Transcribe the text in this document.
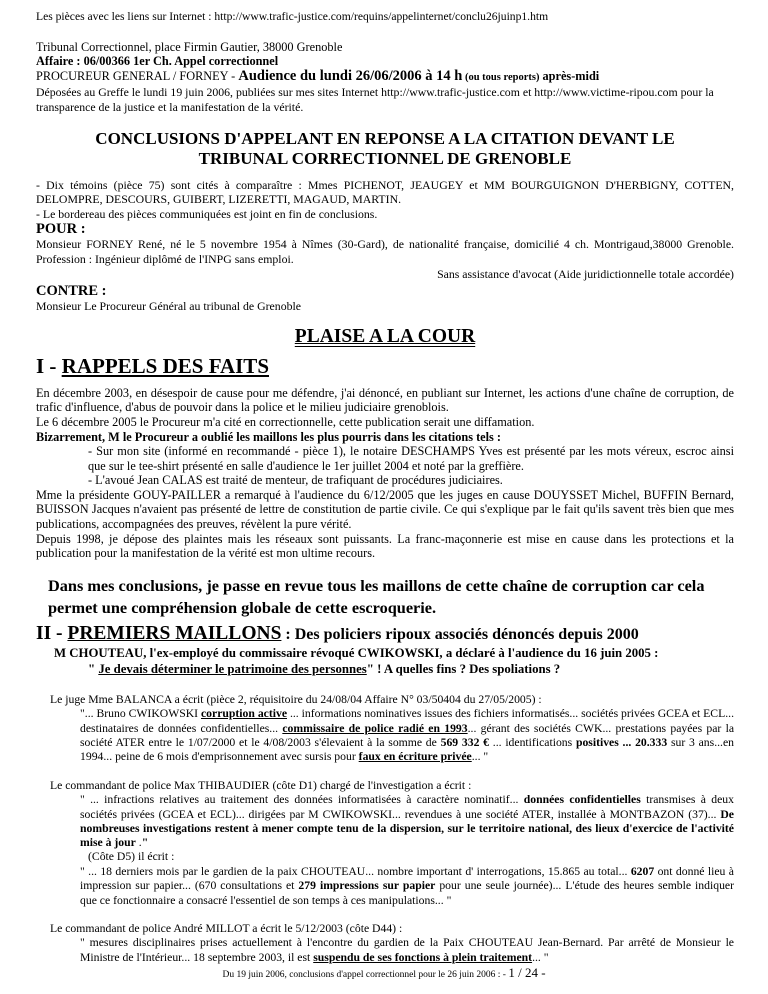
Les pièces avec les liens sur Internet : http://www.trafic-justice.com/requins/appelinternet/conclu26juinp1.htm
Tribunal Correctionnel, place Firmin Gautier, 38000 Grenoble
Affaire : 06/00366 1er Ch. Appel correctionnel
PROCUREUR GENERAL / FORNEY - Audience du lundi 26/06/2006 à 14 h (ou tous reports) après-midi
Déposées au Greffe le lundi 19 juin 2006, publiées sur mes sites Internet http://www.trafic-justice.com et http://www.victime-ripou.com pour la transparence de la justice et la manifestation de la vérité.
CONCLUSIONS D'APPELANT EN REPONSE A LA CITATION DEVANT LE
TRIBUNAL CORRECTIONNEL DE GRENOBLE
- Dix témoins (pièce 75) sont cités à comparaître : Mmes PICHENOT, JEAUGEY et MM BOURGUIGNON D'HERBIGNY, COTTEN, DELOMPRE, DESCOURS, GUIBERT, LIZERETTI, MAGAUD, MARTIN.
- Le bordereau des pièces communiquées est joint en fin de conclusions.
POUR :
Monsieur FORNEY René, né le 5 novembre 1954 à Nîmes (30-Gard), de nationalité française, domicilié 4 ch. Montrigaud,38000 Grenoble. Profession : Ingénieur diplômé de l'INPG sans emploi.
Sans assistance d'avocat (Aide juridictionnelle totale accordée)
CONTRE :
Monsieur Le Procureur Général au tribunal de Grenoble
PLAISE A LA COUR
I - RAPPELS DES FAITS
En décembre 2003, en désespoir de cause pour me défendre, j'ai dénoncé, en publiant sur Internet, les actions d'une chaîne de corruption, de trafic d'influence, d'abus de pouvoir dans la police et le milieu judiciaire grenoblois.
Le 6 décembre 2005 le Procureur m'a cité en correctionnelle, cette publication serait une diffamation.
Bizarrement, M le Procureur a oublié les maillons les plus pourris dans les citations tels :
- Sur mon site (informé en recommandé - pièce 1), le notaire DESCHAMPS Yves est présenté par les mots véreux, escroc ainsi que sur le tee-shirt présenté en salle d'audience le 1er juillet 2004 et noté par la greffière.
- L'avoué Jean CALAS est traité de menteur, de trafiquant de procédures judiciaires.
Mme la présidente GOUY-PAILLER a remarqué à l'audience du 6/12/2005 que les juges en cause DOUYSSET Michel, BUFFIN Bernard, BUISSON Jacques n'avaient pas présenté de lettre de constitution de partie civile. Ce qui s'explique par le fait qu'ils savent très bien que mes publications, accompagnées des preuves, révèlent la pure vérité.
Depuis 1998, je dépose des plaintes mais les réseaux sont puissants. La franc-maçonnerie est mise en cause dans les protections et la publication pour la manifestation de la vérité est mon ultime recours.
Dans mes conclusions, je passe en revue tous les maillons de cette chaîne de corruption car cela permet une compréhension globale de cette escroquerie.
II - PREMIERS MAILLONS : Des policiers ripoux associés dénoncés depuis 2000
M CHOUTEAU, l'ex-employé du commissaire révoqué CWIKOWSKI, a déclaré à l'audience du 16 juin 2005 :
" Je devais déterminer le patrimoine des personnes" ! A quelles fins ? Des spoliations ?
Le juge Mme BALANCA a écrit (pièce 2, réquisitoire du 24/08/04 Affaire N° 03/50404 du 27/05/2005) :
"... Bruno CWIKOWSKI corruption active ... informations nominatives issues des fichiers informatisés... sociétés privées GCEA et ECL... destinataires de données confidentielles... commissaire de police radié en 1993... gérant des sociétés CWK... prestations payées par la société ATER entre le 1/07/2000 et le 4/08/2003 s'élevaient à la somme de 569 332 € ... identifications positives ... 20.333 sur 3 ans...en 1994... peine de 6 mois d'emprisonnement avec sursis pour faux en écriture privée... "
Le commandant de police Max THIBAUDIER (côte D1) chargé de l'investigation a écrit :
" ... infractions relatives au traitement des données informatisées à caractère nominatif... données confidentielles transmises à deux sociétés privées (GCEA et ECL)... dirigées par M CWIKOWSKI... revendues à une société ATER, installée à MONTBAZON (37)... De nombreuses investigations restent à mener compte tenu de la dispersion, sur le territoire national, des lieux d'exercice de l'activité mise à jour ."
(Côte D5) il écrit :
" ... 18 derniers mois par le gardien de la paix CHOUTEAU... nombre important d' interrogations, 15.865 au total... 6207 ont donné lieu à impression sur papier... (670 consultations et 279 impressions sur papier pour une seule journée)... L'étude des heures semble indiquer que ce fonctionnaire a consacré l'essentiel de son temps à ces manipulations... "
Le commandant de police André MILLOT a écrit le 5/12/2003 (côte D44) :
" mesures disciplinaires prises actuellement à l'encontre du gardien de la Paix CHOUTEAU Jean-Bernard. Par arrêté de Monsieur le Ministre de l'Intérieur... 18 septembre 2003, il est suspendu de ses fonctions à plein traitement... "
Du 19 juin 2006, conclusions d'appel correctionnel pour le 26 juin 2006 : - 1 / 24 -
